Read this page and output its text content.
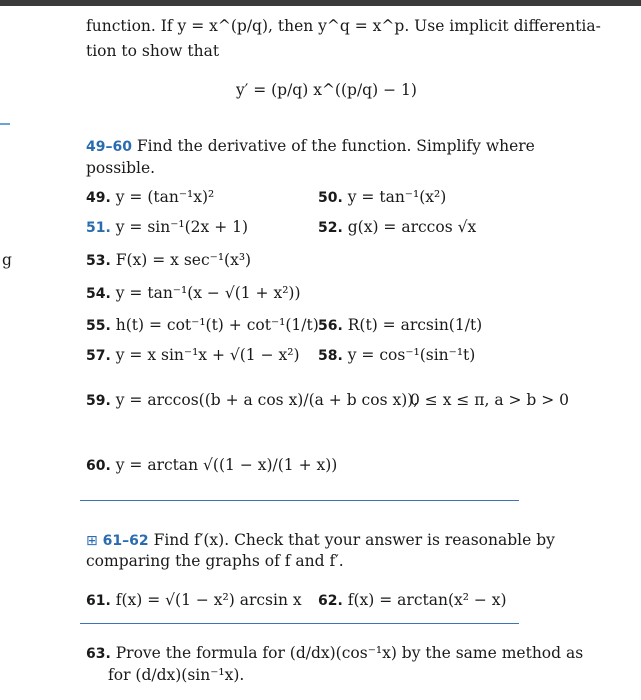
g
function. If y = x^(p/q), then y^q = x^p. Use implicit differentia-
tion to show that
y′ = (p/q) x^((p/q) − 1)
49–60 Find the derivative of the function. Simplify where
possible.
49. y = (tan⁻¹x)²	50. y = tan⁻¹(x²)
51. y = sin⁻¹(2x + 1)	52. g(x) = arccos √x
53. F(x) = x sec⁻¹(x³)
54. y = tan⁻¹(x − √(1 + x²))
55. h(t) = cot⁻¹(t) + cot⁻¹(1/t) 56. R(t) = arcsin(1/t)
57. y = x sin⁻¹x + √(1 − x²) 58. y = cos⁻¹(sin⁻¹t)
59. y = arccos((b + a cos x)/(a + b cos x)),
0 ≤ x ≤ π, a > b > 0
60. y = arctan √((1 − x)/(1 + x))
⊞ 61–62 Find f′(x). Check that your answer is reasonable by
comparing the graphs of f and f′.
61. f(x) = √(1 − x²) arcsin x 62. f(x) = arctan(x² − x)
63. Prove the formula for (d/dx)(cos⁻¹x) by the same method as
for (d/dx)(sin⁻¹x).
